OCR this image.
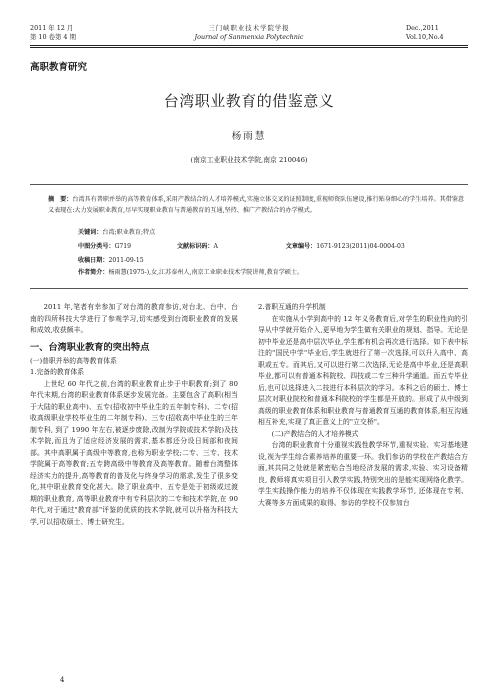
2011 年 12 月
第 10 卷第 4 期
三门峡职业技术学院学报
Journal of Sanmenxia Polytechnic
Dec.,2011
Vol.10,No.4
高职教育研究
台湾职业教育的借鉴意义
杨雨慧
(南京工业职业技术学院,南京 210046)
摘　要：台湾具有普职并举的高等教育体系,采用产教结合的人才培养模式,实施立体交叉的证照制度,重视师资队伍建设,推行贴身细心的学生培养。其借鉴意义表现在:大力发展职业教育,尽早实现职业教育与普通教育的互通,坚持、推广产教结合的办学模式。
关键词：台湾;职业教育;特点
中图分类号：G719	文献标识码：A	文章编号：1671-9123(2011)04-0004-03
收稿日期：2011-09-15
作者简介：杨雨慧(1975-),女,江苏泰州人,南京工业职业技术学院讲师,教育学硕士。

2011 年,笔者有幸参加了对台湾的教育参访,对台北、台中、台南的四所科技大学进行了参观学习,切实感受到台湾职业教育的发展和成效,收获颇丰。

一、台湾职业教育的突出特点
(一)普职并举的高等教育体系
1.完备的教育体系

上世纪 60 年代之前,台湾的职业教育止步于中职教育;到了 80 年代末期,台湾的职业教育体系逐步发展完备。主要包含了高职(相当于大陆的职业高中)、五专(招收初中毕业生的五年制专科)、二专(招收高级职业学校毕业生的二年制专科)、三专(招收高中毕业生的三年制专科, 到了 1990 年左右,被逐步废除,改制为学院或技术学院)及技术学院,而且为了适应经济发展的需求,基本都还分设日间部和夜间部。其中高职属于高级中等教育,也称为职业学校;二专、三专、技术学院属于高等教育;五专跨高级中等教育及高等教育。随着台湾整体经济实力的提升,高等教育的普及化与终身学习的需求,发生了很多变化,其中职业教育变化甚大。除了职业高中、五专是处于初级或过渡期的职业教育, 高等职业教育中有专科层次的二专和技术学院,在 90 年代,对于通过"教育部"评鉴的优质的技术学院,就可以升格为科技大学,可以招收硕士、博士研究生。

2.普职互通的升学机制

在实施从小学到高中的 12 年义务教育后,对学生的职业性向的引导从中学就开始介入,更早地为学生做有关职业的规划、指导。无论是初中毕业还是高中层次毕业,学生都有机会再次进行选择。如下表中标注的"国民中学"毕业后,学生就进行了第一次选择,可以升入高中、高职或五专。而其后,又可以进行第二次选择,无论是高中毕业,还是高职毕业,都可以有普通本科院校、四技或二专三种升学通道。而五专毕业后,也可以选择进入二技进行本科层次的学习。本科之后的硕士、博士层次对职业院校和普通本科院校的学生都是开放的。形成了从中级到高级的职业教育体系和职业教育与普通教育互通的教育体系,相互沟通相互补充,实现了真正意义上的"立交桥"。

(二)产教结合的人才培养模式

台湾的职业教育十分重视实践性教学环节,重视实验、实习基地建设,视为学生综合素养培养的重要一环。我们参访的学校在产教结合方面,其共同之处就是紧密贴合当地经济发展的需求,实验、实习设备精良, 教师将真实项目引入教学实践,特别突出的是能实现网络化教学。学生实践操作能力的培养不仅体现在实践教学环节, 还体现在专利、大赛等多方面成果的取得。参访的学校不仅参加台

4
